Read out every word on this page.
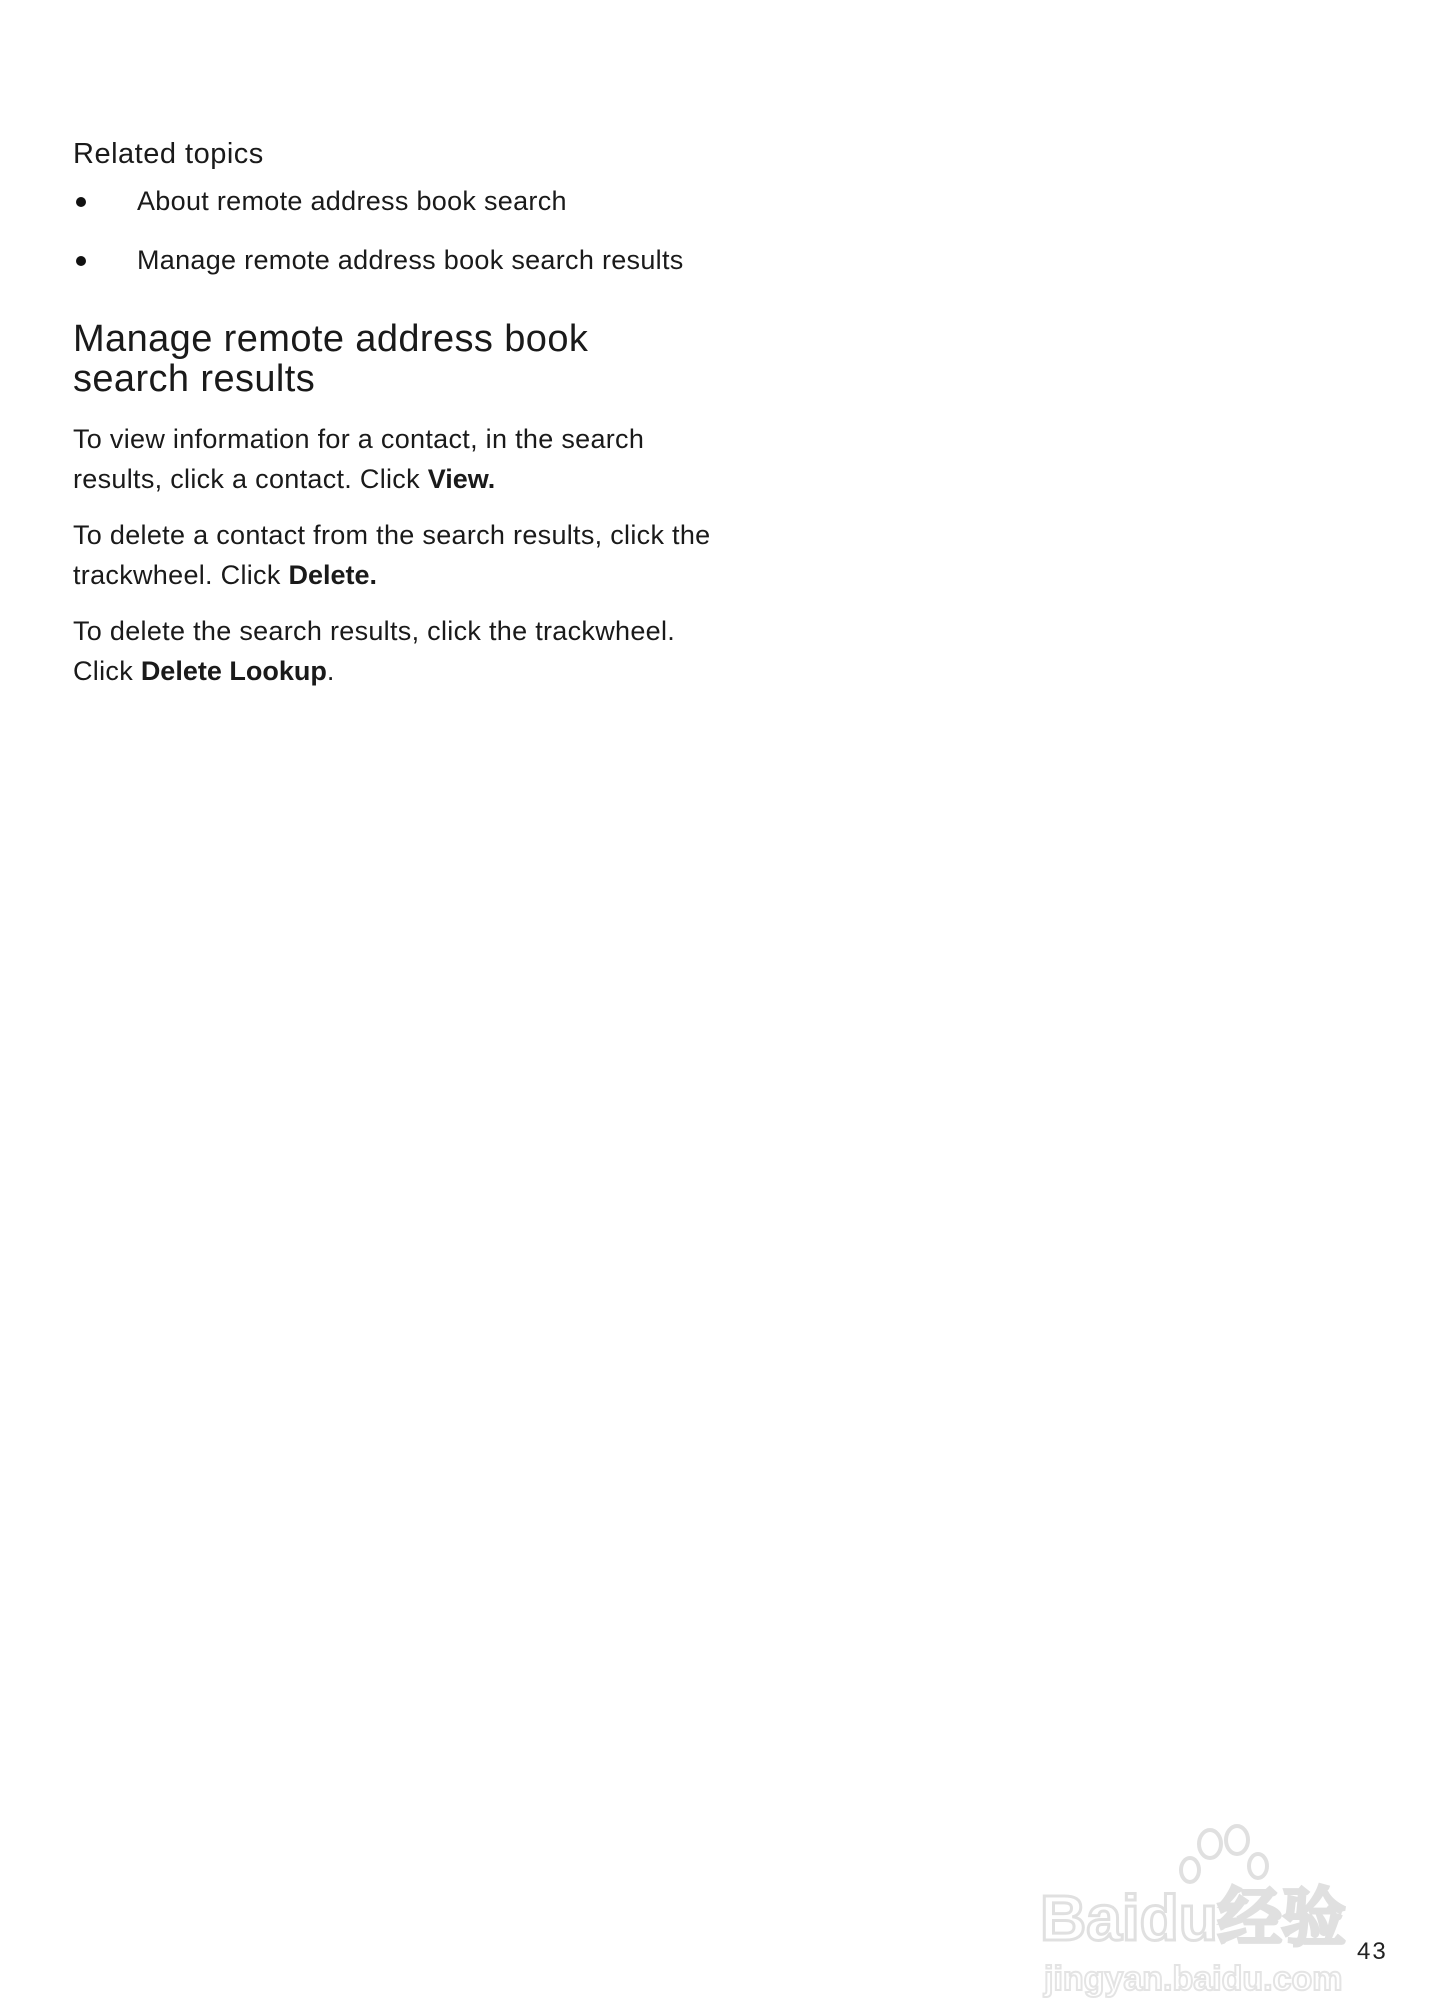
Related topics
About remote address book search
Manage remote address book search results
Manage remote address book search results

To view information for a contact, in the search results, click a contact. Click View.

To delete a contact from the search results, click the trackwheel. Click Delete.

To delete the search results, click the trackwheel. Click Delete Lookup.

Baidu经验
jingyan.baidu.com
43
